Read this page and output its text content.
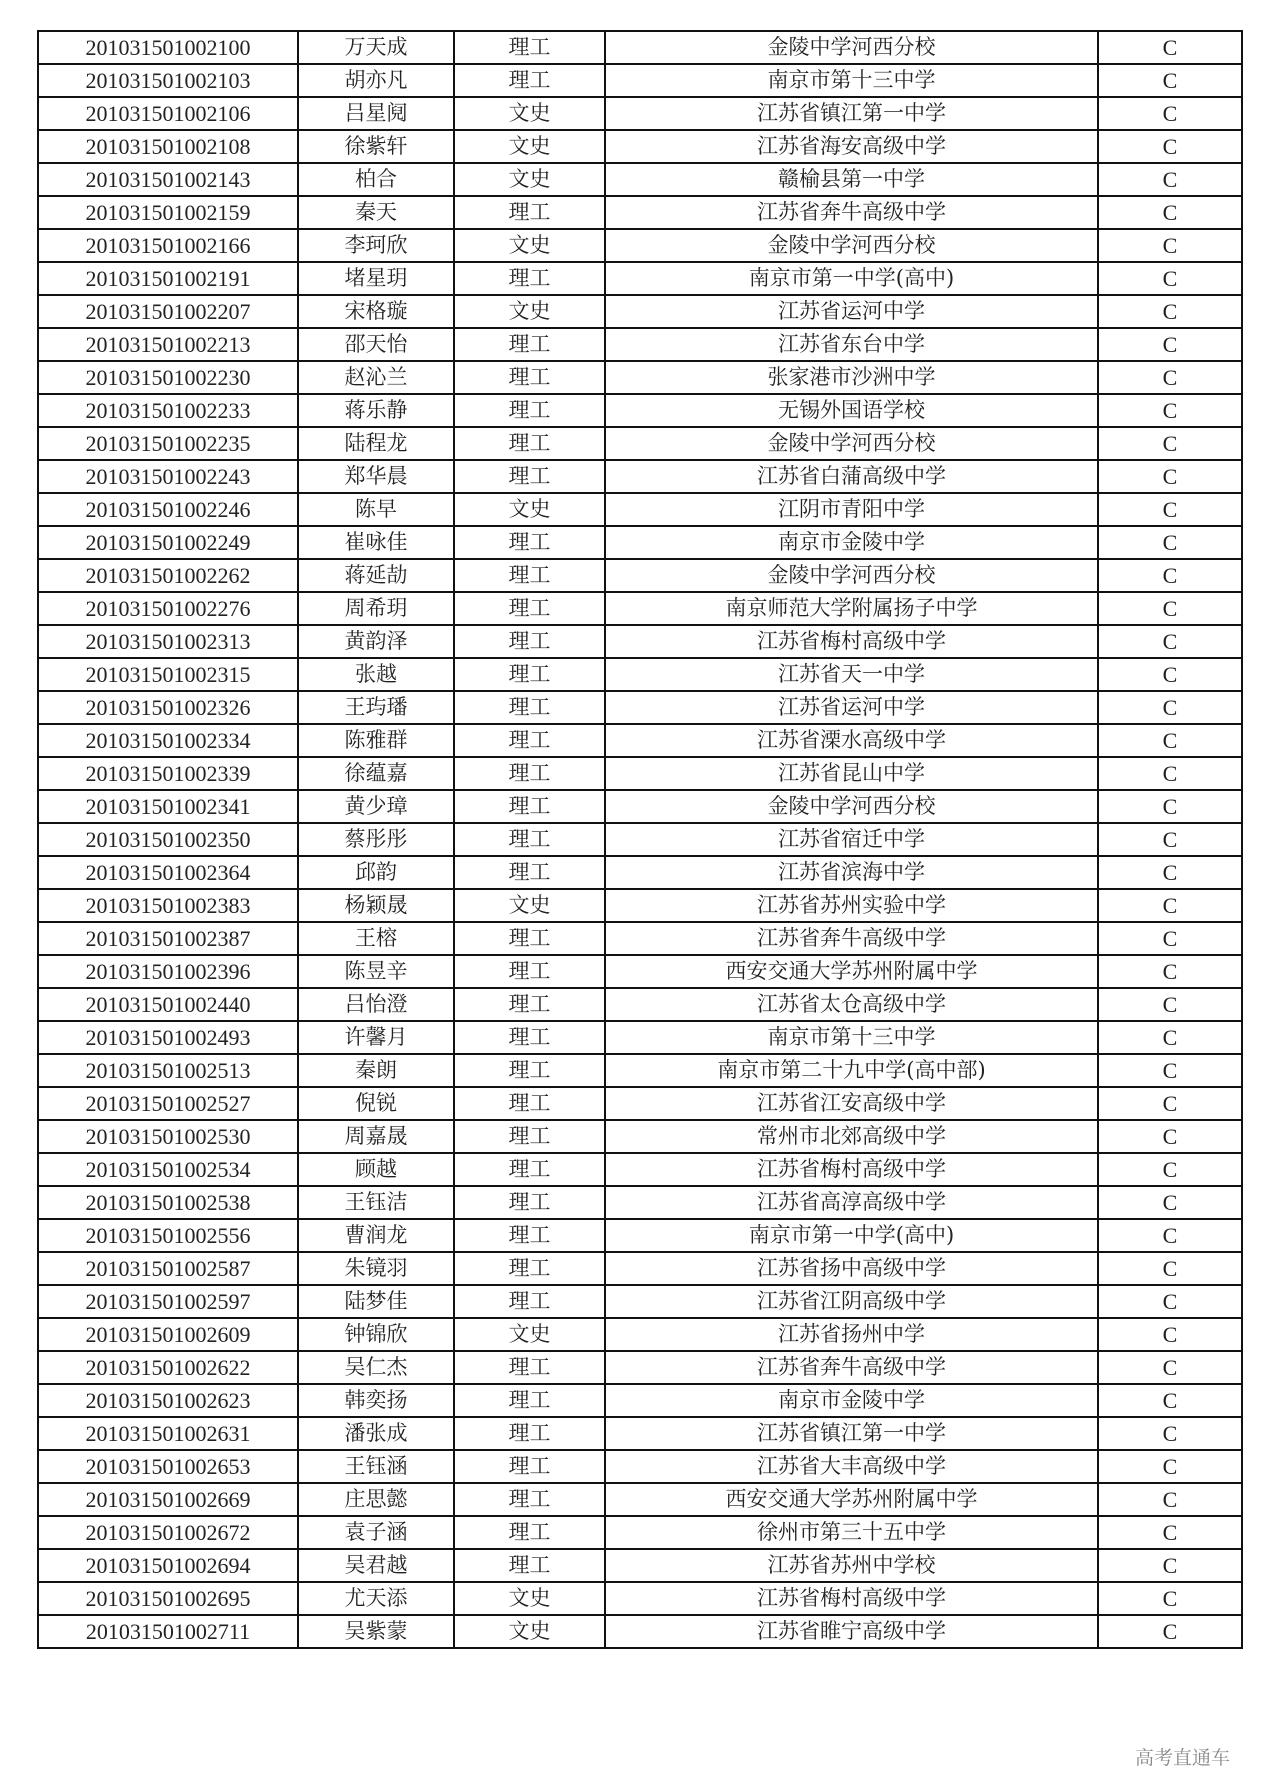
201031501002100	万天成	理工	金陵中学河西分校	C
201031501002103	胡亦凡	理工	南京市第十三中学	C
201031501002106	吕星阋	文史	江苏省镇江第一中学	C
201031501002108	徐紫轩	文史	江苏省海安高级中学	C
201031501002143	柏合	文史	赣榆县第一中学	C
201031501002159	秦天	理工	江苏省奔牛高级中学	C
201031501002166	李珂欣	文史	金陵中学河西分校	C
201031501002191	堵星玥	理工	南京市第一中学(高中)	C
201031501002207	宋格璇	文史	江苏省运河中学	C
201031501002213	邵天怡	理工	江苏省东台中学	C
201031501002230	赵沁兰	理工	张家港市沙洲中学	C
201031501002233	蒋乐静	理工	无锡外国语学校	C
201031501002235	陆程龙	理工	金陵中学河西分校	C
201031501002243	郑华晨	理工	江苏省白蒲高级中学	C
201031501002246	陈早	文史	江阴市青阳中学	C
201031501002249	崔咏佳	理工	南京市金陵中学	C
201031501002262	蒋延劼	理工	金陵中学河西分校	C
201031501002276	周希玥	理工	南京师范大学附属扬子中学	C
201031501002313	黄韵泽	理工	江苏省梅村高级中学	C
201031501002315	张越	理工	江苏省天一中学	C
201031501002326	王玙璠	理工	江苏省运河中学	C
201031501002334	陈雅群	理工	江苏省溧水高级中学	C
201031501002339	徐蕴嘉	理工	江苏省昆山中学	C
201031501002341	黄少璋	理工	金陵中学河西分校	C
201031501002350	蔡彤彤	理工	江苏省宿迁中学	C
201031501002364	邱韵	理工	江苏省滨海中学	C
201031501002383	杨颖晟	文史	江苏省苏州实验中学	C
201031501002387	王榕	理工	江苏省奔牛高级中学	C
201031501002396	陈昱辛	理工	西安交通大学苏州附属中学	C
201031501002440	吕怡澄	理工	江苏省太仓高级中学	C
201031501002493	许馨月	理工	南京市第十三中学	C
201031501002513	秦朗	理工	南京市第二十九中学(高中部)	C
201031501002527	倪锐	理工	江苏省江安高级中学	C
201031501002530	周嘉晟	理工	常州市北郊高级中学	C
201031501002534	顾越	理工	江苏省梅村高级中学	C
201031501002538	王钰洁	理工	江苏省高淳高级中学	C
201031501002556	曹润龙	理工	南京市第一中学(高中)	C
201031501002587	朱镜羽	理工	江苏省扬中高级中学	C
201031501002597	陆梦佳	理工	江苏省江阴高级中学	C
201031501002609	钟锦欣	文史	江苏省扬州中学	C
201031501002622	吴仁杰	理工	江苏省奔牛高级中学	C
201031501002623	韩奕扬	理工	南京市金陵中学	C
201031501002631	潘张成	理工	江苏省镇江第一中学	C
201031501002653	王钰涵	理工	江苏省大丰高级中学	C
201031501002669	庄思懿	理工	西安交通大学苏州附属中学	C
201031501002672	袁子涵	理工	徐州市第三十五中学	C
201031501002694	吴君越	理工	江苏省苏州中学校	C
201031501002695	尤天添	文史	江苏省梅村高级中学	C
201031501002711	吴紫蒙	文史	江苏省睢宁高级中学	C
高考直通车
